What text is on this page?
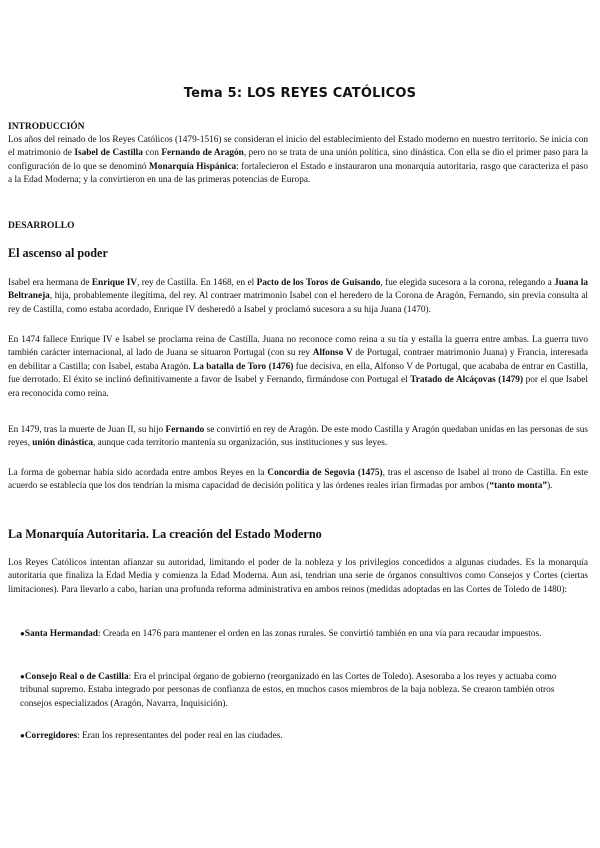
Tema 5: LOS REYES CATÓLICOS
INTRODUCCIÓN
Los años del reinado de los Reyes Católicos (1479-1516) se consideran el inicio del establecimiento del Estado moderno en nuestro territorio. Se inicia con el matrimonio de Isabel de Castilla con Fernando de Aragón, pero no se trata de una unión política, sino dinástica. Con ella se dio el primer paso para la configuración de lo que se denominó Monarquía Hispánica: fortalecieron el Estado e instauraron una monarquía autoritaria, rasgo que caracteriza el paso a la Edad Moderna; y la convirtieron en una de las primeras potencias de Europa.
DESARROLLO
El ascenso al poder
Isabel era hermana de Enrique IV, rey de Castilla. En 1468, en el Pacto de los Toros de Guisando, fue elegida sucesora a la corona, relegando a Juana la Beltraneja, hija, probablemente ilegítima, del rey. Al contraer matrimonio Isabel con el heredero de la Corona de Aragón, Fernando, sin previa consulta al rey de Castilla, como estaba acordado, Enrique IV desheredó a Isabel y proclamó sucesora a su hija Juana (1470).
En 1474 fallece Enrique IV e Isabel se proclama reina de Castilla. Juana no reconoce como reina a su tía y estalla la guerra entre ambas. La guerra tuvo también carácter internacional, al lado de Juana se situaron Portugal (con su rey Alfonso V de Portugal, contraer matrimonio Juana) y Francia, interesada en debilitar a Castilla; con Isabel, estaba Aragón. La batalla de Toro (1476) fue decisiva, en ella, Alfonso V de Portugal, que acababa de entrar en Castilla, fue derrotado. El éxito se inclinó definitivamente a favor de Isabel y Fernando, firmándose con Portugal el Tratado de Alcáçovas (1479) por el que Isabel era reconocida como reina.
En 1479, tras la muerte de Juan II, su hijo Fernando se convirtió en rey de Aragón. De este modo Castilla y Aragón quedaban unidas en las personas de sus reyes, unión dinástica, aunque cada territorio mantenía su organización, sus instituciones y sus leyes.
La forma de gobernar había sido acordada entre ambos Reyes en la Concordia de Segovia (1475), tras el ascenso de Isabel al trono de Castilla. En este acuerdo se establecía que los dos tendrían la misma capacidad de decisión política y las órdenes reales irían firmadas por ambos (“tanto monta”).
La Monarquía Autoritaria. La creación del Estado Moderno
Los Reyes Católicos intentan afianzar su autoridad, limitando el poder de la nobleza y los privilegios concedidos a algunas ciudades. Es la monarquía autoritaria que finaliza la Edad Media y comienza la Edad Moderna. Aun así, tendrían una serie de órganos consultivos como Consejos y Cortes (ciertas limitaciones). Para llevarlo a cabo, harían una profunda reforma administrativa en ambos reinos (medidas adoptadas en las Cortes de Toledo de 1480):
●Santa Hermandad: Creada en 1476 para mantener el orden en las zonas rurales. Se convirtió también en una vía para recaudar impuestos.
●Consejo Real o de Castilla: Era el principal órgano de gobierno (reorganizado en las Cortes de Toledo). Asesoraba a los reyes y actuaba como tribunal supremo. Estaba integrado por personas de confianza de estos, en muchos casos miembros de la baja nobleza. Se crearon también otros consejos especializados (Aragón, Navarra, Inquisición).
●Corregidores: Eran los representantes del poder real en las ciudades.
